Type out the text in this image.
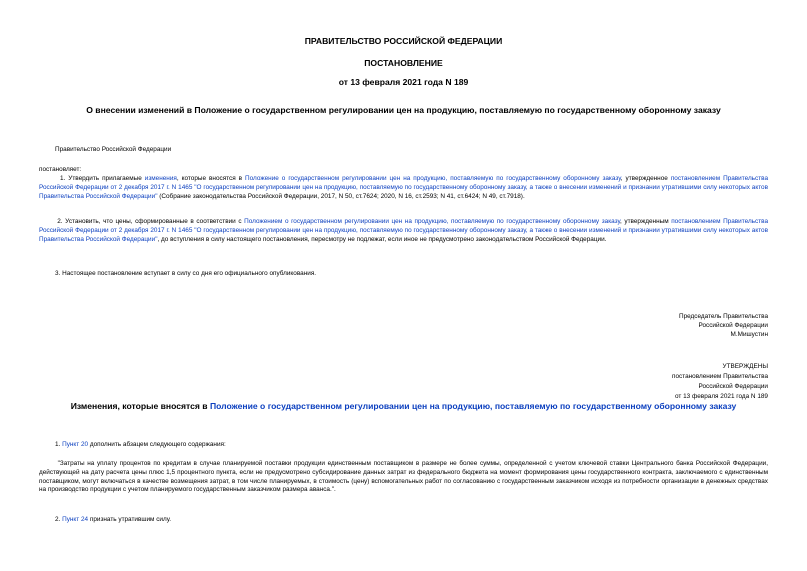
ПРАВИТЕЛЬСТВО РОССИЙСКОЙ ФЕДЕРАЦИИ
ПОСТАНОВЛЕНИЕ
от 13 февраля 2021 года N 189
О внесении изменений в Положение о государственном регулировании цен на продукцию, поставляемую по государственному оборонному заказу
Правительство Российской Федерации
постановляет:
1. Утвердить прилагаемые изменения, которые вносятся в Положение о государственном регулировании цен на продукцию, поставляемую по государственному оборонному заказу, утвержденное постановлением Правительства Российской Федерации от 2 декабря 2017 г. N 1465 "О государственном регулировании цен на продукцию, поставляемую по государственному оборонному заказу, а также о внесении изменений и признании утратившими силу некоторых актов Правительства Российской Федерации" (Собрание законодательства Российской Федерации, 2017, N 50, ст.7624; 2020, N 16, ст.2593; N 41, ст.6424; N 49, ст.7918).
2. Установить, что цены, сформированные в соответствии с Положением о государственном регулировании цен на продукцию, поставляемую по государственному оборонному заказу, утвержденным постановлением Правительства Российской Федерации от 2 декабря 2017 г. N 1465 "О государственном регулировании цен на продукцию, поставляемую по государственному оборонному заказу, а также о внесении изменений и признании утратившими силу некоторых актов Правительства Российской Федерации", до вступления в силу настоящего постановления, пересмотру не подлежат, если иное не предусмотрено законодательством Российской Федерации.
3. Настоящее постановление вступает в силу со дня его официального опубликования.
Председатель Правительства
Российской Федерации
М.Мишустин
УТВЕРЖДЕНЫ
постановлением Правительства
Российской Федерации
от 13 февраля 2021 года N 189
Изменения, которые вносятся в Положение о государственном регулировании цен на продукцию, поставляемую по государственному оборонному заказу
1. Пункт 20 дополнить абзацем следующего содержания:
"Затраты на уплату процентов по кредитам в случае планируемой поставки продукции единственным поставщиком в размере не более суммы, определенной с учетом ключевой ставки Центрального банка Российской Федерации, действующей на дату расчета цены плюс 1,5 процентного пункта, если не предусмотрено субсидирование данных затрат из федерального бюджета на момент формирования цены государственного контракта, заключаемого с единственным поставщиком, могут включаться в качестве возмещения затрат, в том числе планируемых, в стоимость (цену) вспомогательных работ по согласованию с государственным заказчиком исходя из потребности организации в денежных средствах на производство продукции с учетом планируемого государственным заказчиком размера аванса.".
2. Пункт 24 признать утратившим силу.
